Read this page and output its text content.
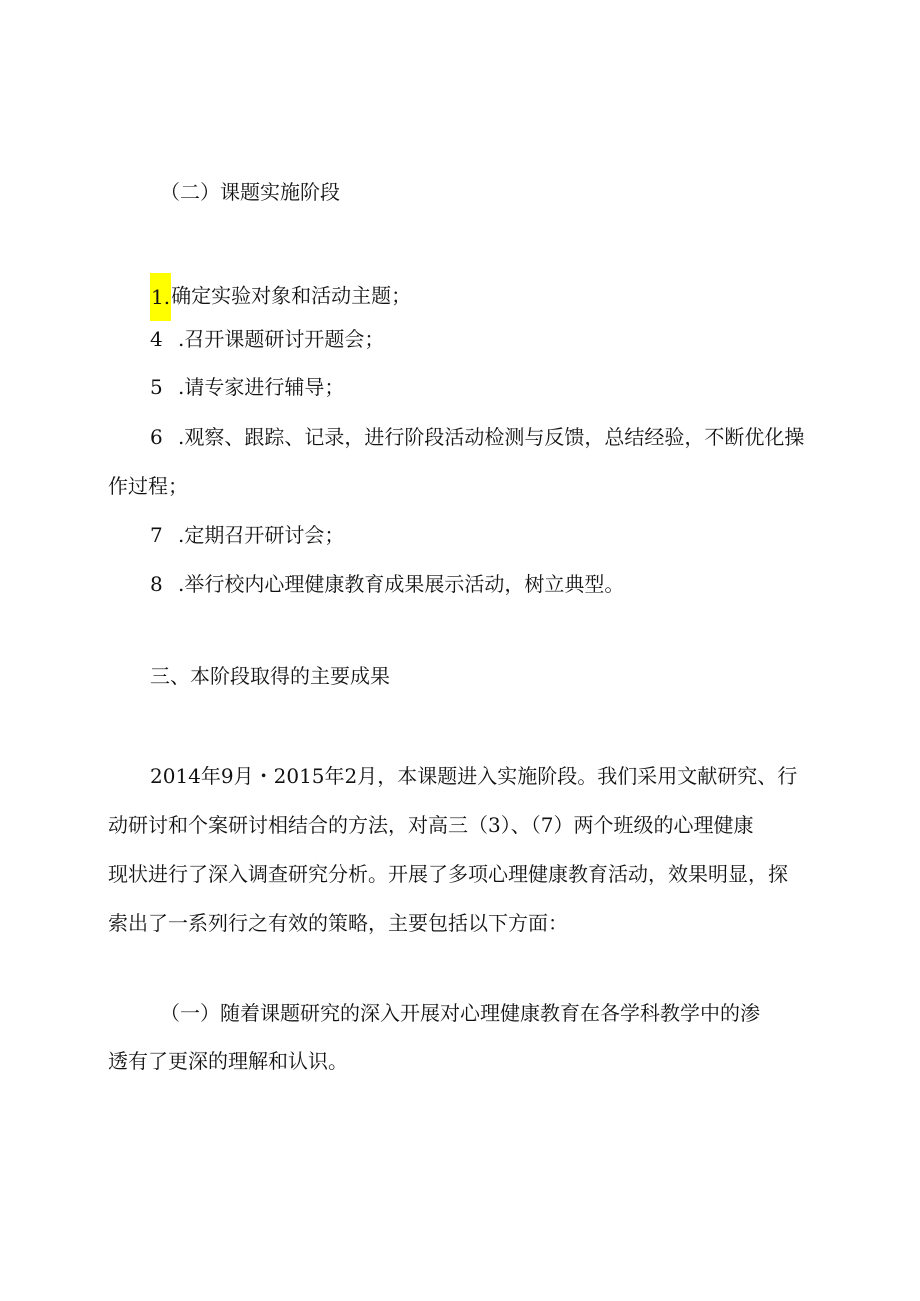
（二）课题实施阶段
1.确定实验对象和活动主题；
4 .召开课题研讨开题会；
5 .请专家进行辅导；
6 .观察、跟踪、记录，进行阶段活动检测与反馈，总结经验，不断优化操
作过程；
7 .定期召开研讨会；
8 .举行校内心理健康教育成果展示活动，树立典型。
三、本阶段取得的主要成果
2014年9月・2015年2月，本课题进入实施阶段。我们采用文献研究、行
动研讨和个案研讨相结合的方法，对高三（3）、（7）两个班级的心理健康
现状进行了深入调查研究分析。开展了多项心理健康教育活动，效果明显，探
索出了一系列行之有效的策略，主要包括以下方面：
（一）随着课题研究的深入开展对心理健康教育在各学科教学中的渗
透有了更深的理解和认识。
